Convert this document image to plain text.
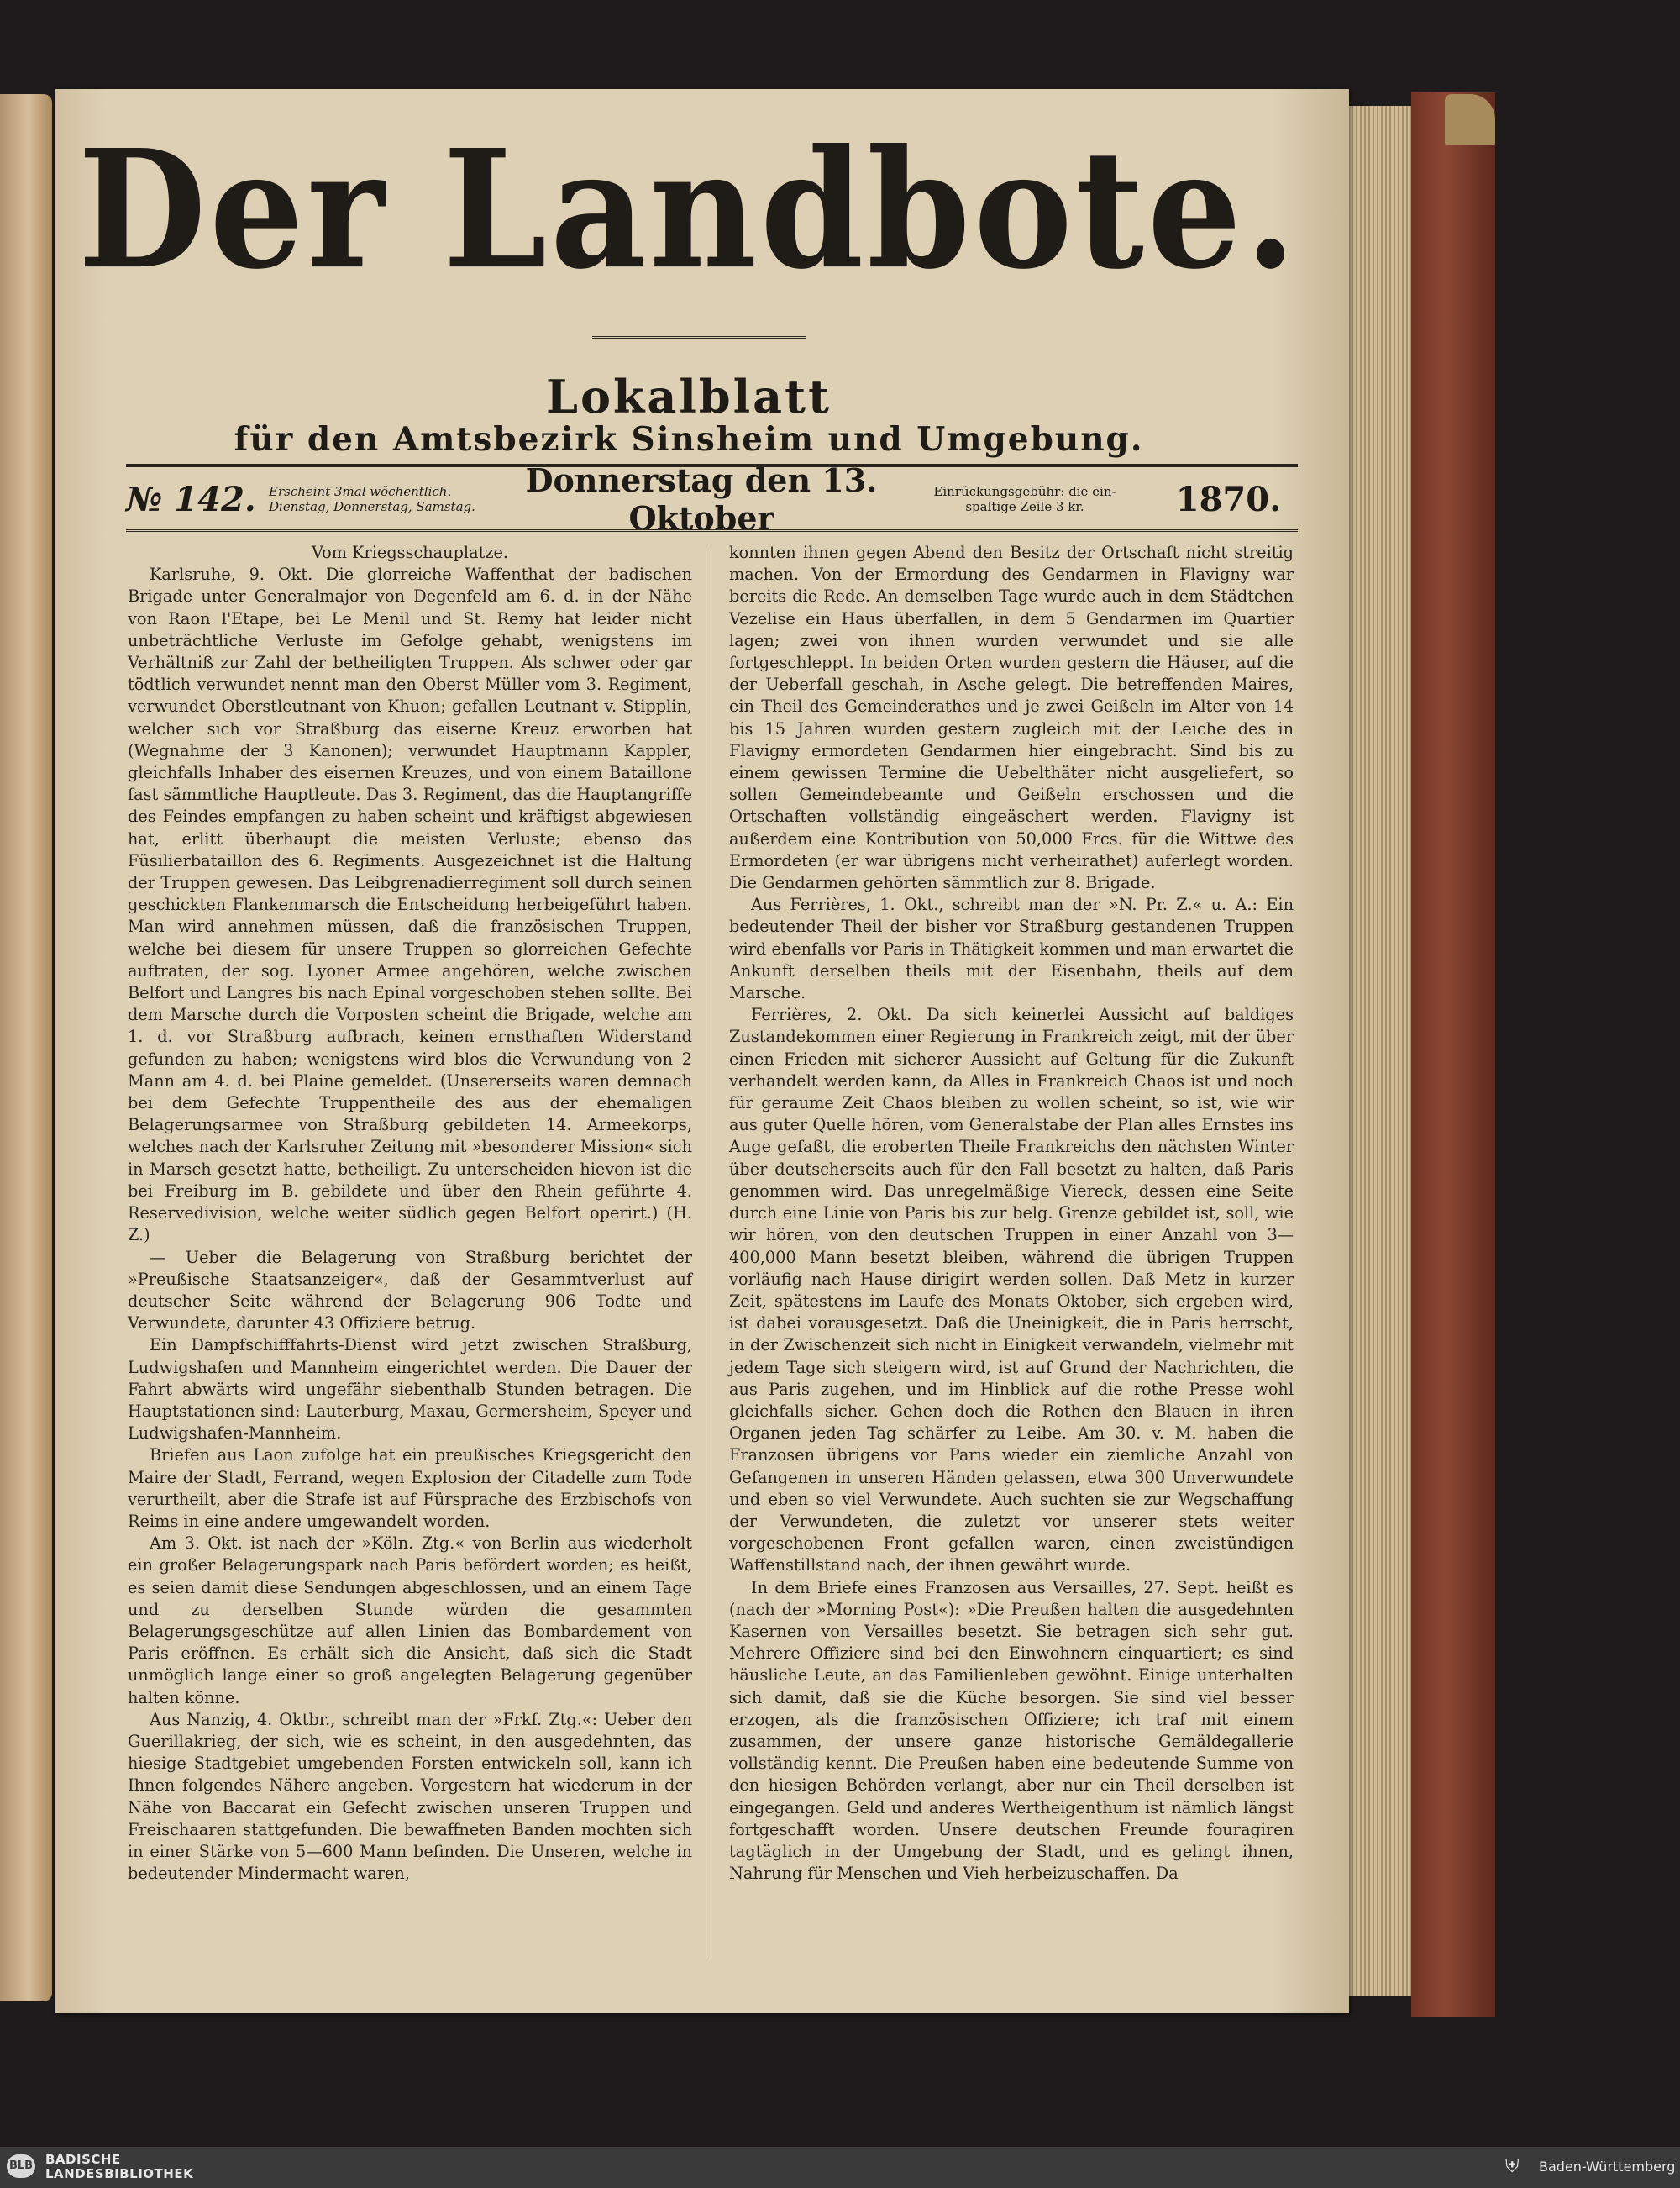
Der Landbote.
Lokalblatt
für den Amtsbezirk Sinsheim und Umgebung.
№ 142.	Erscheint 3mal wöchentlich,
Dienstag, Donnerstag, Samstag.
Donnerstag den 13. Oktober
Einrückungsgebühr: die ein-
spaltige Zeile 3 kr.	1870.

Vom Kriegsschauplatze.

Karlsruhe, 9. Okt. Die glorreiche Waffenthat der badischen Brigade unter Generalmajor von Degenfeld am 6. d. in der Nähe von Raon l'Etape, bei Le Menil und St. Remy hat leider nicht unbeträchtliche Verluste im Gefolge gehabt, wenigstens im Verhältniß zur Zahl der betheiligten Truppen. Als schwer oder gar tödtlich verwundet nennt man den Oberst Müller vom 3. Regiment, verwundet Oberstleutnant von Khuon; gefallen Leutnant v. Stipplin, welcher sich vor Straßburg das eiserne Kreuz erworben hat (Wegnahme der 3 Kanonen); verwundet Hauptmann Kappler, gleichfalls Inhaber des eisernen Kreuzes, und von einem Bataillone fast sämmtliche Hauptleute. Das 3. Regiment, das die Hauptangriffe des Feindes empfangen zu haben scheint und kräftigst abgewiesen hat, erlitt überhaupt die meisten Verluste; ebenso das Füsilierbataillon des 6. Regiments. Ausgezeichnet ist die Haltung der Truppen gewesen. Das Leibgrenadierregiment soll durch seinen geschickten Flankenmarsch die Entscheidung herbeigeführt haben. Man wird annehmen müssen, daß die französischen Truppen, welche bei diesem für unsere Truppen so glorreichen Gefechte auftraten, der sog. Lyoner Armee angehören, welche zwischen Belfort und Langres bis nach Epinal vorgeschoben stehen sollte. Bei dem Marsche durch die Vorposten scheint die Brigade, welche am 1. d. vor Straßburg aufbrach, keinen ernsthaften Widerstand gefunden zu haben; wenigstens wird blos die Verwundung von 2 Mann am 4. d. bei Plaine gemeldet. (Unsererseits waren demnach bei dem Gefechte Truppentheile des aus der ehemaligen Belagerungsarmee von Straßburg gebildeten 14. Armeekorps, welches nach der Karlsruher Zeitung mit »besonderer Mission« sich in Marsch gesetzt hatte, betheiligt. Zu unterscheiden hievon ist die bei Freiburg im B. gebildete und über den Rhein geführte 4. Reservedivision, welche weiter südlich gegen Belfort operirt.) (H. Z.)

— Ueber die Belagerung von Straßburg berichtet der »Preußische Staatsanzeiger«, daß der Gesammtverlust auf deutscher Seite während der Belagerung 906 Todte und Verwundete, darunter 43 Offiziere betrug.

Ein Dampfschifffahrts-Dienst wird jetzt zwischen Straßburg, Ludwigshafen und Mannheim eingerichtet werden. Die Dauer der Fahrt abwärts wird ungefähr siebenthalb Stunden betragen. Die Hauptstationen sind: Lauterburg, Maxau, Germersheim, Speyer und Ludwigshafen-Mannheim.

Briefen aus Laon zufolge hat ein preußisches Kriegsgericht den Maire der Stadt, Ferrand, wegen Explosion der Citadelle zum Tode verurtheilt, aber die Strafe ist auf Fürsprache des Erzbischofs von Reims in eine andere umgewandelt worden.

Am 3. Okt. ist nach der »Köln. Ztg.« von Berlin aus wiederholt ein großer Belagerungspark nach Paris befördert worden; es heißt, es seien damit diese Sendungen abgeschlossen, und an einem Tage und zu derselben Stunde würden die gesammten Belagerungsgeschütze auf allen Linien das Bombardement von Paris eröffnen. Es erhält sich die Ansicht, daß sich die Stadt unmöglich lange einer so groß angelegten Belagerung gegenüber halten könne.

Aus Nanzig, 4. Oktbr., schreibt man der »Frkf. Ztg.«: Ueber den Guerillakrieg, der sich, wie es scheint, in den ausgedehnten, das hiesige Stadtgebiet umgebenden Forsten entwickeln soll, kann ich Ihnen folgendes Nähere angeben. Vorgestern hat wiederum in der Nähe von Baccarat ein Gefecht zwischen unseren Truppen und Freischaaren stattgefunden. Die bewaffneten Banden mochten sich in einer Stärke von 5—600 Mann befinden. Die Unseren, welche in bedeutender Mindermacht waren,

konnten ihnen gegen Abend den Besitz der Ortschaft nicht streitig machen. Von der Ermordung des Gendarmen in Flavigny war bereits die Rede. An demselben Tage wurde auch in dem Städtchen Vezelise ein Haus überfallen, in dem 5 Gendarmen im Quartier lagen; zwei von ihnen wurden verwundet und sie alle fortgeschleppt. In beiden Orten wurden gestern die Häuser, auf die der Ueberfall geschah, in Asche gelegt. Die betreffenden Maires, ein Theil des Gemeinderathes und je zwei Geißeln im Alter von 14 bis 15 Jahren wurden gestern zugleich mit der Leiche des in Flavigny ermordeten Gendarmen hier eingebracht. Sind bis zu einem gewissen Termine die Uebelthäter nicht ausgeliefert, so sollen Gemeindebeamte und Geißeln erschossen und die Ortschaften vollständig eingeäschert werden. Flavigny ist außerdem eine Kontribution von 50,000 Frcs. für die Wittwe des Ermordeten (er war übrigens nicht verheirathet) auferlegt worden. Die Gendarmen gehörten sämmtlich zur 8. Brigade.

Aus Ferrières, 1. Okt., schreibt man der »N. Pr. Z.« u. A.: Ein bedeutender Theil der bisher vor Straßburg gestandenen Truppen wird ebenfalls vor Paris in Thätigkeit kommen und man erwartet die Ankunft derselben theils mit der Eisenbahn, theils auf dem Marsche.

Ferrières, 2. Okt. Da sich keinerlei Aussicht auf baldiges Zustandekommen einer Regierung in Frankreich zeigt, mit der über einen Frieden mit sicherer Aussicht auf Geltung für die Zukunft verhandelt werden kann, da Alles in Frankreich Chaos ist und noch für geraume Zeit Chaos bleiben zu wollen scheint, so ist, wie wir aus guter Quelle hören, vom Generalstabe der Plan alles Ernstes ins Auge gefaßt, die eroberten Theile Frankreichs den nächsten Winter über deutscherseits auch für den Fall besetzt zu halten, daß Paris genommen wird. Das unregelmäßige Viereck, dessen eine Seite durch eine Linie von Paris bis zur belg. Grenze gebildet ist, soll, wie wir hören, von den deutschen Truppen in einer Anzahl von 3—400,000 Mann besetzt bleiben, während die übrigen Truppen vorläufig nach Hause dirigirt werden sollen. Daß Metz in kurzer Zeit, spätestens im Laufe des Monats Oktober, sich ergeben wird, ist dabei vorausgesetzt. Daß die Uneinigkeit, die in Paris herrscht, in der Zwischenzeit sich nicht in Einigkeit verwandeln, vielmehr mit jedem Tage sich steigern wird, ist auf Grund der Nachrichten, die aus Paris zugehen, und im Hinblick auf die rothe Presse wohl gleichfalls sicher. Gehen doch die Rothen den Blauen in ihren Organen jeden Tag schärfer zu Leibe. Am 30. v. M. haben die Franzosen übrigens vor Paris wieder ein ziemliche Anzahl von Gefangenen in unseren Händen gelassen, etwa 300 Unverwundete und eben so viel Verwundete. Auch suchten sie zur Wegschaffung der Verwundeten, die zuletzt vor unserer stets weiter vorgeschobenen Front gefallen waren, einen zweistündigen Waffenstillstand nach, der ihnen gewährt wurde.

In dem Briefe eines Franzosen aus Versailles, 27. Sept. heißt es (nach der »Morning Post«): »Die Preußen halten die ausgedehnten Kasernen von Versailles besetzt. Sie betragen sich sehr gut. Mehrere Offiziere sind bei den Einwohnern einquartiert; es sind häusliche Leute, an das Familienleben gewöhnt. Einige unterhalten sich damit, daß sie die Küche besorgen. Sie sind viel besser erzogen, als die französischen Offiziere; ich traf mit einem zusammen, der unsere ganze historische Gemäldegallerie vollständig kennt. Die Preußen haben eine bedeutende Summe von den hiesigen Behörden verlangt, aber nur ein Theil derselben ist eingegangen. Geld und anderes Wertheigenthum ist nämlich längst fortgeschafft worden. Unsere deutschen Freunde fouragiren tagtäglich in der Umgebung der Stadt, und es gelingt ihnen, Nahrung für Menschen und Vieh herbeizuschaffen. Da

BLB BADISCHE
LANDESBIBLIOTHEK	⛨	Baden-Württemberg
